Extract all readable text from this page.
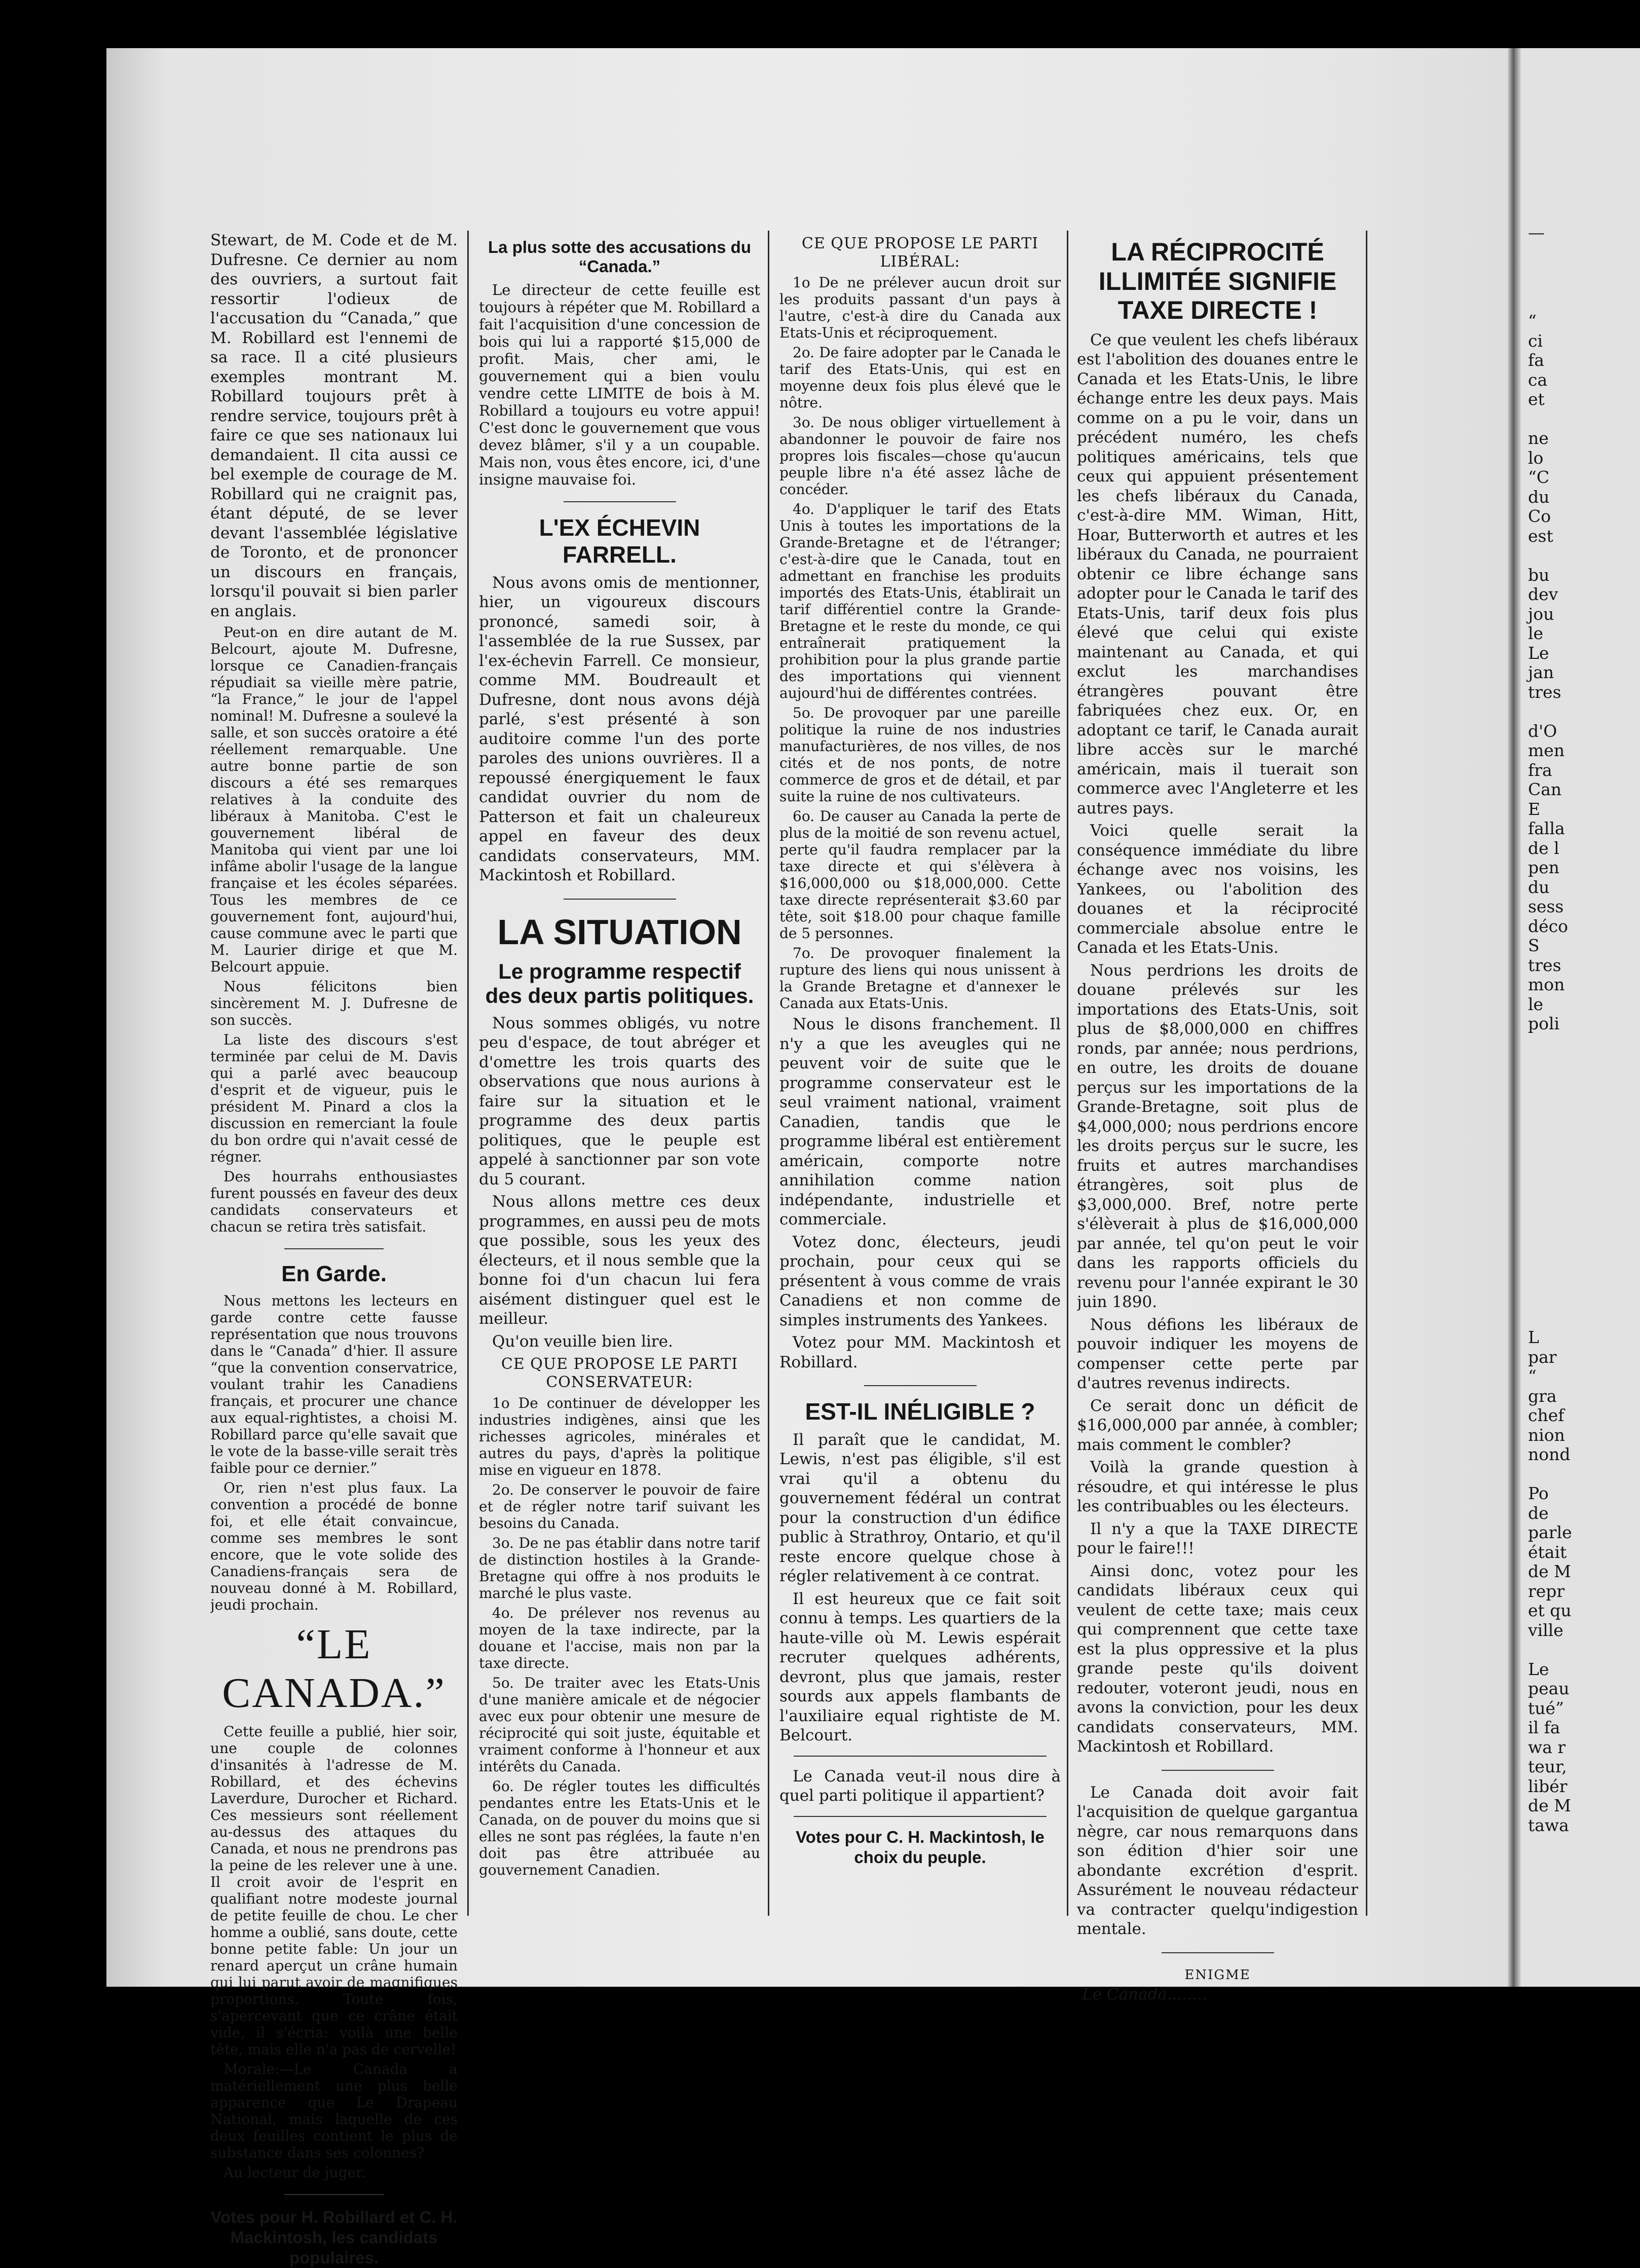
Stewart, de M. Code et de M. Dufresne. Ce dernier au nom des ouvriers, a surtout fait ressortir l'odieux de l'accusation du “Canada,” que M. Robillard est l'ennemi de sa race. Il a cité plusieurs exemples montrant M. Robillard toujours prêt à rendre service, toujours prêt à faire ce que ses nationaux lui demandaient. Il cita aussi ce bel exemple de courage de M. Robillard qui ne craignit pas, étant député, de se lever devant l'assemblée législative de Toronto, et de prononcer un discours en français, lorsqu'il pouvait si bien parler en anglais.

Peut-on en dire autant de M. Belcourt, ajoute M. Dufresne, lorsque ce Canadien-français répudiait sa vieille mère patrie, “la France,” le jour de l'appel nominal! M. Dufresne a soulevé la salle, et son succès oratoire a été réellement remarquable. Une autre bonne partie de son discours a été ses remarques relatives à la conduite des libéraux à Manitoba. C'est le gouvernement libéral de Manitoba qui vient par une loi infâme abolir l'usage de la langue française et les écoles séparées. Tous les membres de ce gouvernement font, aujourd'hui, cause commune avec le parti que M. Laurier dirige et que M. Belcourt appuie.

Nous félicitons bien sincèrement M. J. Dufresne de son succès.

La liste des discours s'est terminée par celui de M. Davis qui a parlé avec beaucoup d'esprit et de vigueur, puis le président M. Pinard a clos la discussion en remerciant la foule du bon ordre qui n'avait cessé de régner.

Des hourrahs enthousiastes furent poussés en faveur des deux candidats conservateurs et chacun se retira très satisfait.

En Garde.

Nous mettons les lecteurs en garde contre cette fausse représentation que nous trouvons dans le “Canada” d'hier. Il assure “que la convention conservatrice, voulant trahir les Canadiens français, et procurer une chance aux equal-rightistes, a choisi M. Robillard parce qu'elle savait que le vote de la basse-ville serait très faible pour ce dernier.”

Or, rien n'est plus faux. La convention a procédé de bonne foi, et elle était convaincue, comme ses membres le sont encore, que le vote solide des Canadiens-français sera de nouveau donné à M. Robillard, jeudi prochain.

“LE CANADA.”

Cette feuille a publié, hier soir, une couple de colonnes d'insanités à l'adresse de M. Robillard, et des échevins Laverdure, Durocher et Richard. Ces messieurs sont réellement au-dessus des attaques du Canada, et nous ne prendrons pas la peine de les relever une à une. Il croit avoir de l'esprit en qualifiant notre modeste journal de petite feuille de chou. Le cher homme a oublié, sans doute, cette bonne petite fable: Un jour un renard aperçut un crâne humain qui lui parut avoir de magnifiques proportions. Toute fois, s'apercevant que ce crâne était vide, il s'écria: voilà une belle tête, mais elle n'a pas de cervelle!

Morale:—Le Canada a matériellement une plus belle apparence que Le Drapeau National, mais laquelle de ces deux feuilles contient le plus de substance dans ses colonnes?

Au lecteur de juger.

Votes pour H. Robillard et C. H. Mackintosh, les candidats populaires.
La plus sotte des accusations du “Canada.”

Le directeur de cette feuille est toujours à répéter que M. Robillard a fait l'acquisition d'une concession de bois qui lui a rapporté $15,000 de profit. Mais, cher ami, le gouvernement qui a bien voulu vendre cette LIMITE de bois à M. Robillard a toujours eu votre appui! C'est donc le gouvernement que vous devez blâmer, s'il y a un coupable. Mais non, vous êtes encore, ici, d'une insigne mauvaise foi.

L'EX ÉCHEVIN FARRELL.

Nous avons omis de mentionner, hier, un vigoureux discours prononcé, samedi soir, à l'assemblée de la rue Sussex, par l'ex-échevin Farrell. Ce monsieur, comme MM. Boudreault et Dufresne, dont nous avons déjà parlé, s'est présenté à son auditoire comme l'un des porte paroles des unions ouvrières. Il a repoussé énergiquement le faux candidat ouvrier du nom de Patterson et fait un chaleureux appel en faveur des deux candidats conservateurs, MM. Mackintosh et Robillard.

LA SITUATION
Le programme respectif des deux partis politiques.

Nous sommes obligés, vu notre peu d'espace, de tout abréger et d'omettre les trois quarts des observations que nous aurions à faire sur la situation et le programme des deux partis politiques, que le peuple est appelé à sanctionner par son vote du 5 courant.

Nous allons mettre ces deux programmes, en aussi peu de mots que possible, sous les yeux des électeurs, et il nous semble que la bonne foi d'un chacun lui fera aisément distinguer quel est le meilleur.

Qu'on veuille bien lire.

CE QUE PROPOSE LE PARTI CONSERVATEUR:

1o De continuer de développer les industries indigènes, ainsi que les richesses agricoles, minérales et autres du pays, d'après la politique mise en vigueur en 1878.

2o. De conserver le pouvoir de faire et de régler notre tarif suivant les besoins du Canada.

3o. De ne pas établir dans notre tarif de distinction hostiles à la Grande-Bretagne qui offre à nos produits le marché le plus vaste.

4o. De prélever nos revenus au moyen de la taxe indirecte, par la douane et l'accise, mais non par la taxe directe.

5o. De traiter avec les Etats-Unis d'une manière amicale et de négocier avec eux pour obtenir une mesure de réciprocité qui soit juste, équitable et vraiment conforme à l'honneur et aux intérêts du Canada.

6o. De régler toutes les difficultés pendantes entre les Etats-Unis et le Canada, on de pouver du moins que si elles ne sont pas réglées, la faute n'en doit pas être attribuée au gouvernement Canadien.

CE QUE PROPOSE LE PARTI LIBÉRAL:

1o De ne prélever aucun droit sur les produits passant d'un pays à l'autre, c'est-à dire du Canada aux Etats-Unis et réciproquement.

2o. De faire adopter par le Canada le tarif des Etats-Unis, qui est en moyenne deux fois plus élevé que le nôtre.

3o. De nous obliger virtuellement à abandonner le pouvoir de faire nos propres lois fiscales—chose qu'aucun peuple libre n'a été assez lâche de concéder.

4o. D'appliquer le tarif des Etats Unis à toutes les importations de la Grande-Bretagne et de l'étranger; c'est-à-dire que le Canada, tout en admettant en franchise les produits importés des Etats-Unis, établirait un tarif différentiel contre la Grande-Bretagne et le reste du monde, ce qui entraînerait pratiquement la prohibition pour la plus grande partie des importations qui viennent aujourd'hui de différentes contrées.

5o. De provoquer par une pareille politique la ruine de nos industries manufacturières, de nos villes, de nos cités et de nos ponts, de notre commerce de gros et de détail, et par suite la ruine de nos cultivateurs.

6o. De causer au Canada la perte de plus de la moitié de son revenu actuel, perte qu'il faudra remplacer par la taxe directe et qui s'élèvera à $16,000,000 ou $18,000,000. Cette taxe directe représenterait $3.60 par tête, soit $18.00 pour chaque famille de 5 personnes.

7o. De provoquer finalement la rupture des liens qui nous unissent à la Grande Bretagne et d'annexer le Canada aux Etats-Unis.

Nous le disons franchement. Il n'y a que les aveugles qui ne peuvent voir de suite que le programme conservateur est le seul vraiment national, vraiment Canadien, tandis que le programme libéral est entièrement américain, comporte notre annihilation comme nation indépendante, industrielle et commerciale.

Votez donc, électeurs, jeudi prochain, pour ceux qui se présentent à vous comme de vrais Canadiens et non comme de simples instruments des Yankees.

Votez pour MM. Mackintosh et Robillard.

EST-IL INÉLIGIBLE ?

Il paraît que le candidat, M. Lewis, n'est pas éligible, s'il est vrai qu'il a obtenu du gouvernement fédéral un contrat pour la construction d'un édifice public à Strathroy, Ontario, et qu'il reste encore quelque chose à régler relativement à ce contrat.

Il est heureux que ce fait soit connu à temps. Les quartiers de la haute-ville où M. Lewis espérait recruter quelques adhérents, devront, plus que jamais, rester sourds aux appels flambants de l'auxiliaire equal rightiste de M. Belcourt.

Le Canada veut-il nous dire à quel parti politique il appartient?

Votes pour C. H. Mackintosh, le choix du peuple.
LA RÉCIPROCITÉ ILLIMITÉE SIGNIFIE TAXE DIRECTE !

Ce que veulent les chefs libéraux est l'abolition des douanes entre le Canada et les Etats-Unis, le libre échange entre les deux pays. Mais comme on a pu le voir, dans un précédent numéro, les chefs politiques américains, tels que ceux qui appuient présentement les chefs libéraux du Canada, c'est-à-dire MM. Wiman, Hitt, Hoar, Butterworth et autres et les libéraux du Canada, ne pourraient obtenir ce libre échange sans adopter pour le Canada le tarif des Etats-Unis, tarif deux fois plus élevé que celui qui existe maintenant au Canada, et qui exclut les marchandises étrangères pouvant être fabriquées chez eux. Or, en adoptant ce tarif, le Canada aurait libre accès sur le marché américain, mais il tuerait son commerce avec l'Angleterre et les autres pays.

Voici quelle serait la conséquence immédiate du libre échange avec nos voisins, les Yankees, ou l'abolition des douanes et la réciprocité commerciale absolue entre le Canada et les Etats-Unis.

Nous perdrions les droits de douane prélevés sur les importations des Etats-Unis, soit plus de $8,000,000 en chiffres ronds, par année; nous perdrions, en outre, les droits de douane perçus sur les importations de la Grande-Bretagne, soit plus de $4,000,000; nous perdrions encore les droits perçus sur le sucre, les fruits et autres marchandises étrangères, soit plus de $3,000,000. Bref, notre perte s'élèverait à plus de $16,000,000 par année, tel qu'on peut le voir dans les rapports officiels du revenu pour l'année expirant le 30 juin 1890.

Nous défions les libéraux de pouvoir indiquer les moyens de compenser cette perte par d'autres revenus indirects.

Ce serait donc un déficit de $16,000,000 par année, à combler; mais comment le combler?

Voilà la grande question à résoudre, et qui intéresse le plus les contribuables ou les électeurs.

Il n'y a que la TAXE DIRECTE pour le faire!!!

Ainsi donc, votez pour les candidats libéraux ceux qui veulent de cette taxe; mais ceux qui comprennent que cette taxe est la plus oppressive et la plus grande peste qu'ils doivent redouter, voteront jeudi, nous en avons la conviction, pour les deux candidats conservateurs, MM. Mackintosh et Robillard.

Le Canada doit avoir fait l'acquisition de quelque gargantua nègre, car nous remarquons dans son édition d'hier soir une abondante excrétion d'esprit. Assurément le nouveau rédacteur va contracter quelqu'indigestion mentale.

ENIGME

Le Canada........

—
“
ci
fa
ca
et
ne
lo
“C
du
Co
est
bu
dev
jou
le
Le
jan
tres
d'O
men
fra
Can
E
falla
de l
pen
du
sess
déco
S
tres
mon
le
poli
L
par
“
gra
chef
nion
nond
Po
de
parle
était
de M
repr
et qu
ville
Le
peau
tué”
il fa
wa r
teur,
libér
de M
tawa
